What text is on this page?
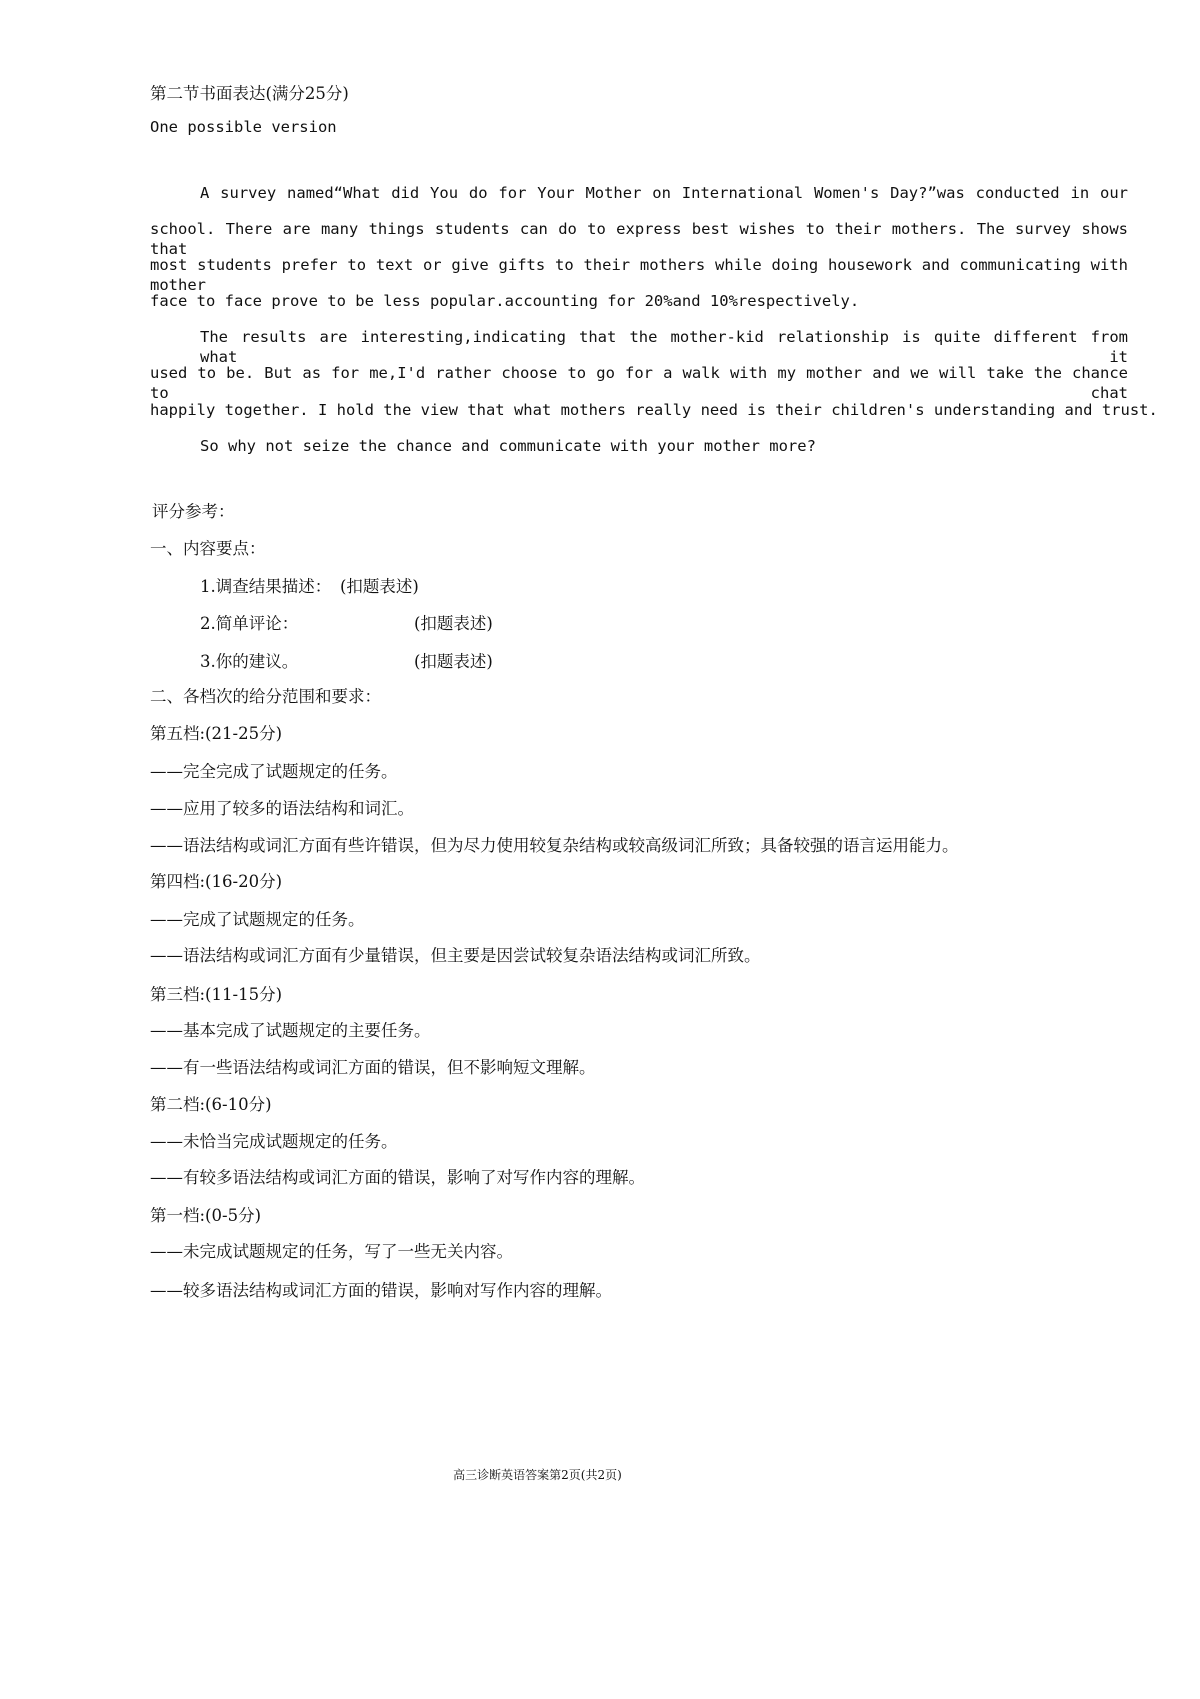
第二节书面表达(满分25分)
One possible version
A survey named“What did You do for Your Mother on International Women's Day?”was conducted in our
school. There are many things students can do to express best wishes to their mothers. The survey shows that
most students prefer to text or give gifts to their mothers while doing housework and communicating with mother
face to face prove to be less popular.accounting for 20%and 10%respectively.
The results are interesting,indicating that the mother-kid relationship is quite different from what it
used to be. But as for me,I'd rather choose to go for a walk with my mother and we will take the chance to chat
happily together. I hold the view that what mothers really need is their children's understanding and trust.
So why not seize the chance and communicate with your mother more?
评分参考：
一、内容要点：
1.调查结果描述： (扣题表述)
2.简单评论：	(扣题表述)
3.你的建议。	(扣题表述)
二、各档次的给分范围和要求：
第五档:(21-25分)
——完全完成了试题规定的任务。
——应用了较多的语法结构和词汇。
——语法结构或词汇方面有些许错误，但为尽力使用较复杂结构或较高级词汇所致；具备较强的语言运用能力。
第四档:(16-20分)
——完成了试题规定的任务。
——语法结构或词汇方面有少量错误，但主要是因尝试较复杂语法结构或词汇所致。
第三档:(11-15分)
——基本完成了试题规定的主要任务。
——有一些语法结构或词汇方面的错误，但不影响短文理解。
第二档:(6-10分)
——未恰当完成试题规定的任务。
——有较多语法结构或词汇方面的错误，影响了对写作内容的理解。
第一档:(0-5分)
——未完成试题规定的任务，写了一些无关内容。
——较多语法结构或词汇方面的错误，影响对写作内容的理解。
高三诊断英语答案第2页(共2页)
